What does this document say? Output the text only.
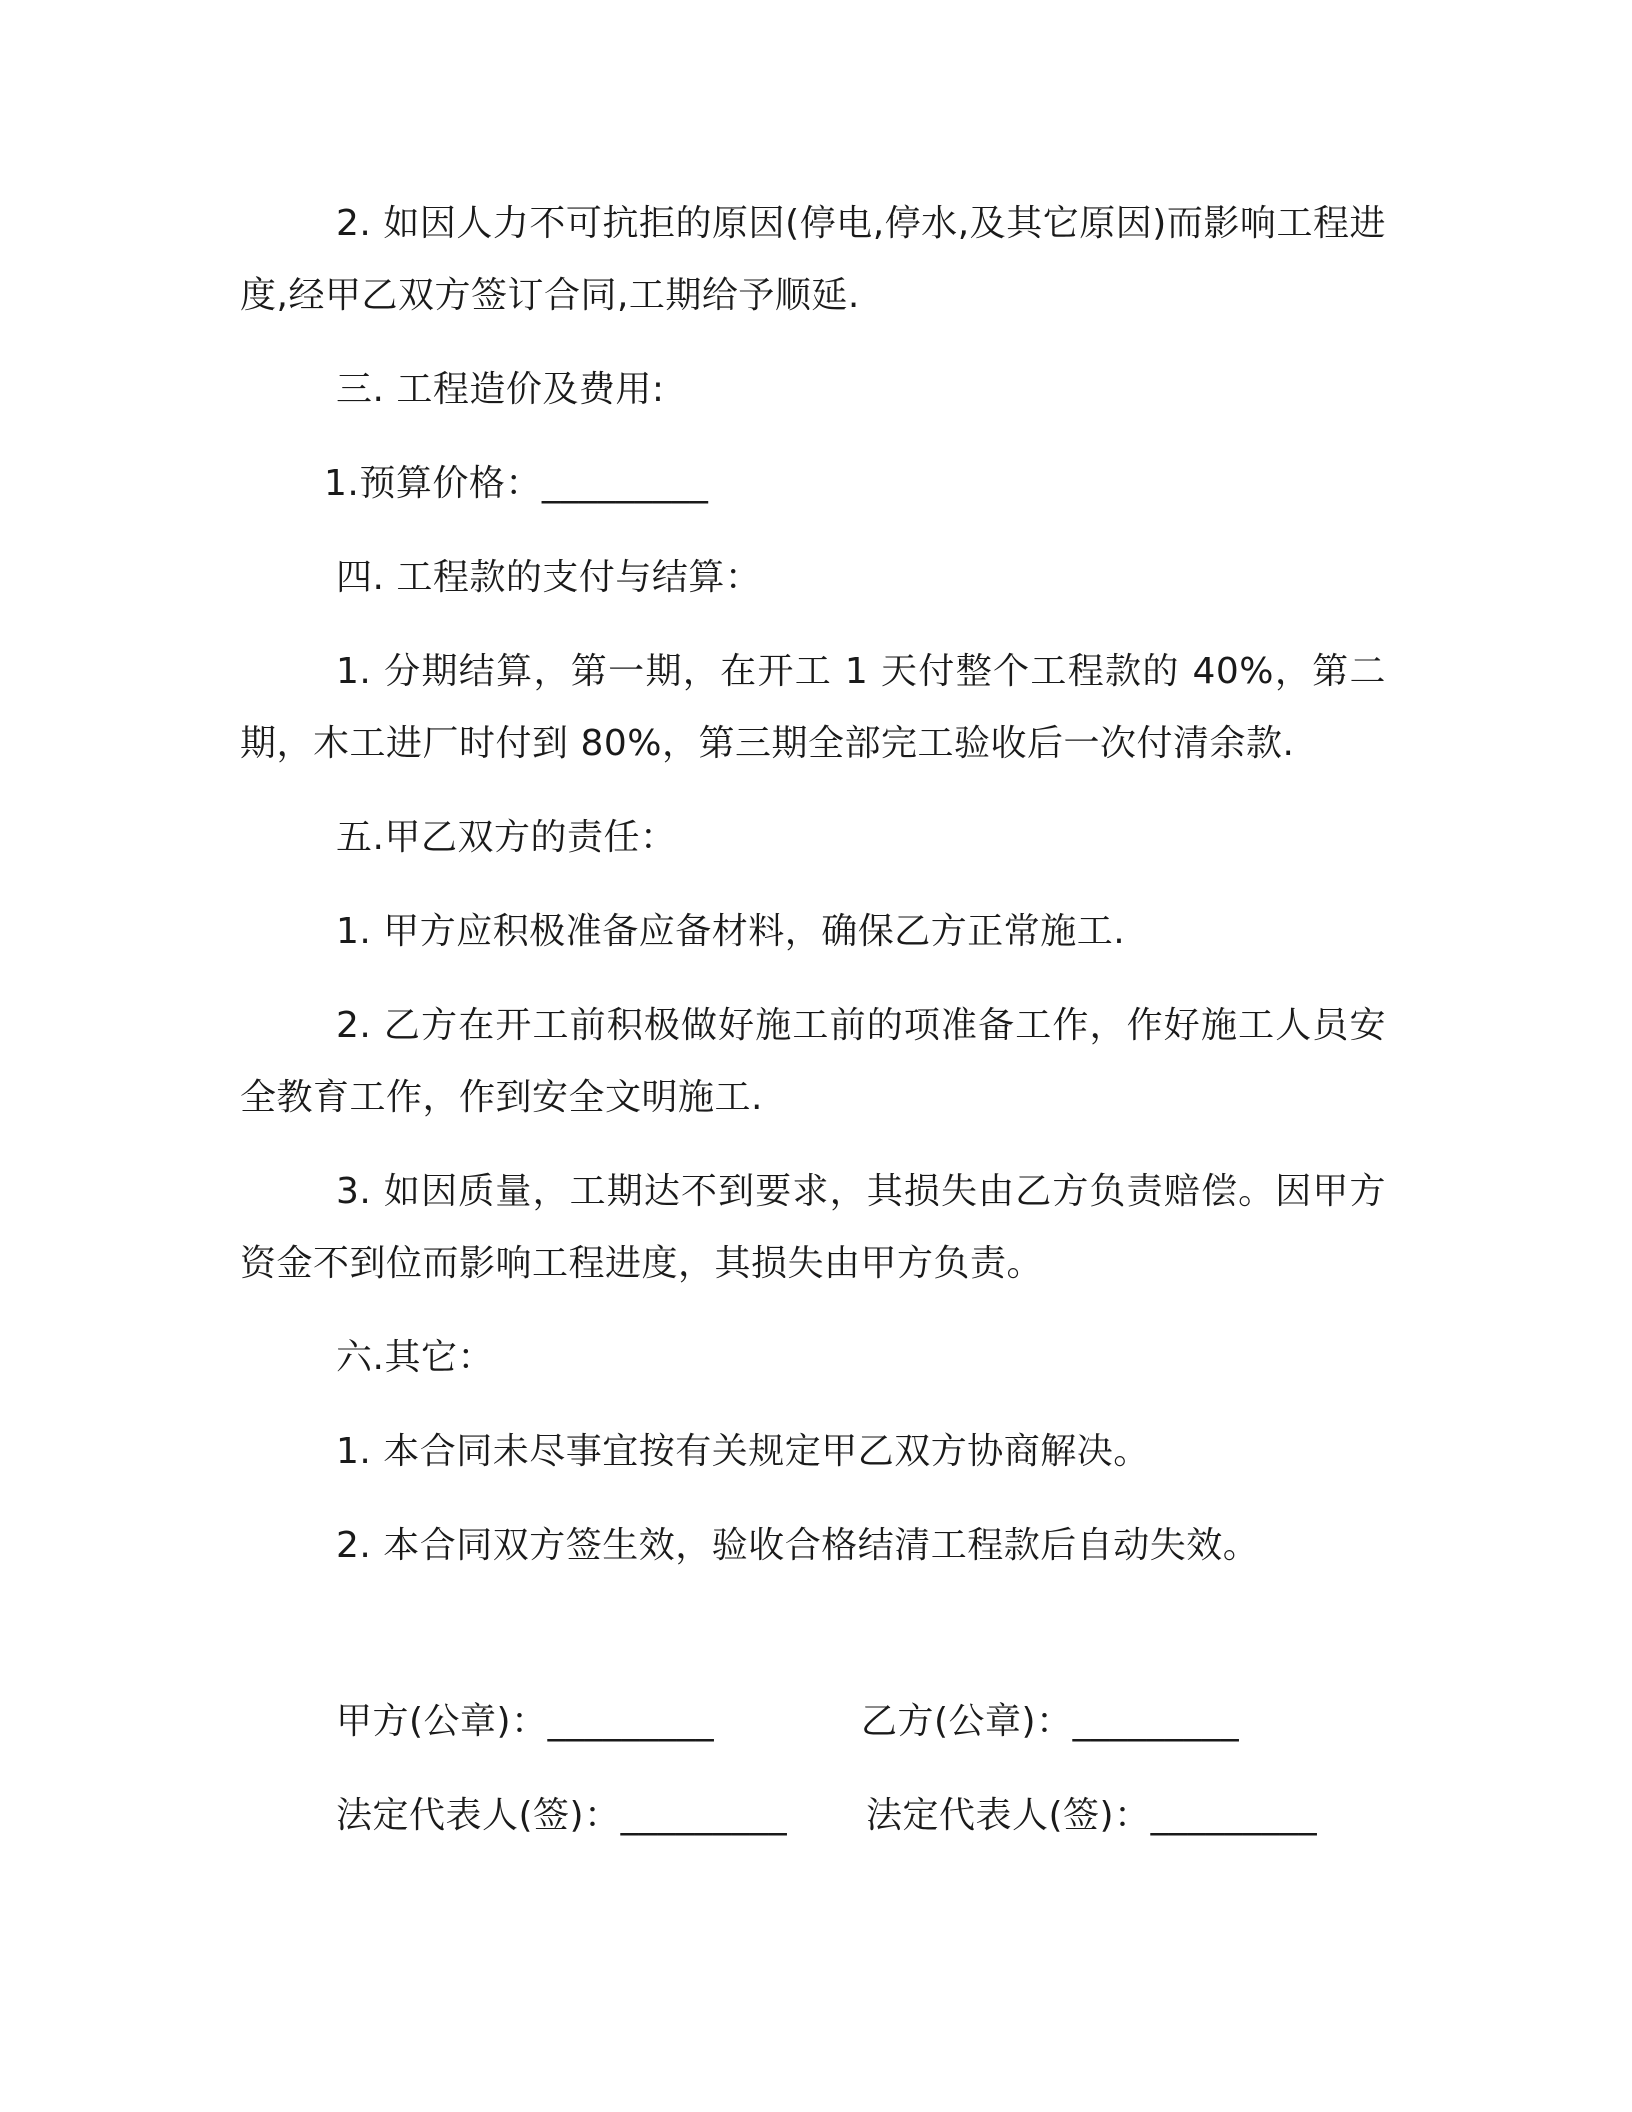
2. 如因人力不可抗拒的原因(停电,停水,及其它原因)而影响工程进度,经甲乙双方签订合同,工期给予顺延.

三. 工程造价及费用:

1.预算价格：_________

四. 工程款的支付与结算：

1. 分期结算，第一期，在开工 1 天付整个工程款的 40%，第二期，木工进厂时付到 80%，第三期全部完工验收后一次付清余款.

五.甲乙双方的责任：

1. 甲方应积极准备应备材料，确保乙方正常施工.

2. 乙方在开工前积极做好施工前的项准备工作，作好施工人员安全教育工作，作到安全文明施工.

3. 如因质量，工期达不到要求，其损失由乙方负责赔偿。因甲方资金不到位而影响工程进度，其损失由甲方负责。

六.其它：

1. 本合同未尽事宜按有关规定甲乙双方协商解决。

2. 本合同双方签生效，验收合格结清工程款后自动失效。

甲方(公章)：_________	乙方(公章)：_________
法定代表人(签)：_________	法定代表人(签)：_________
